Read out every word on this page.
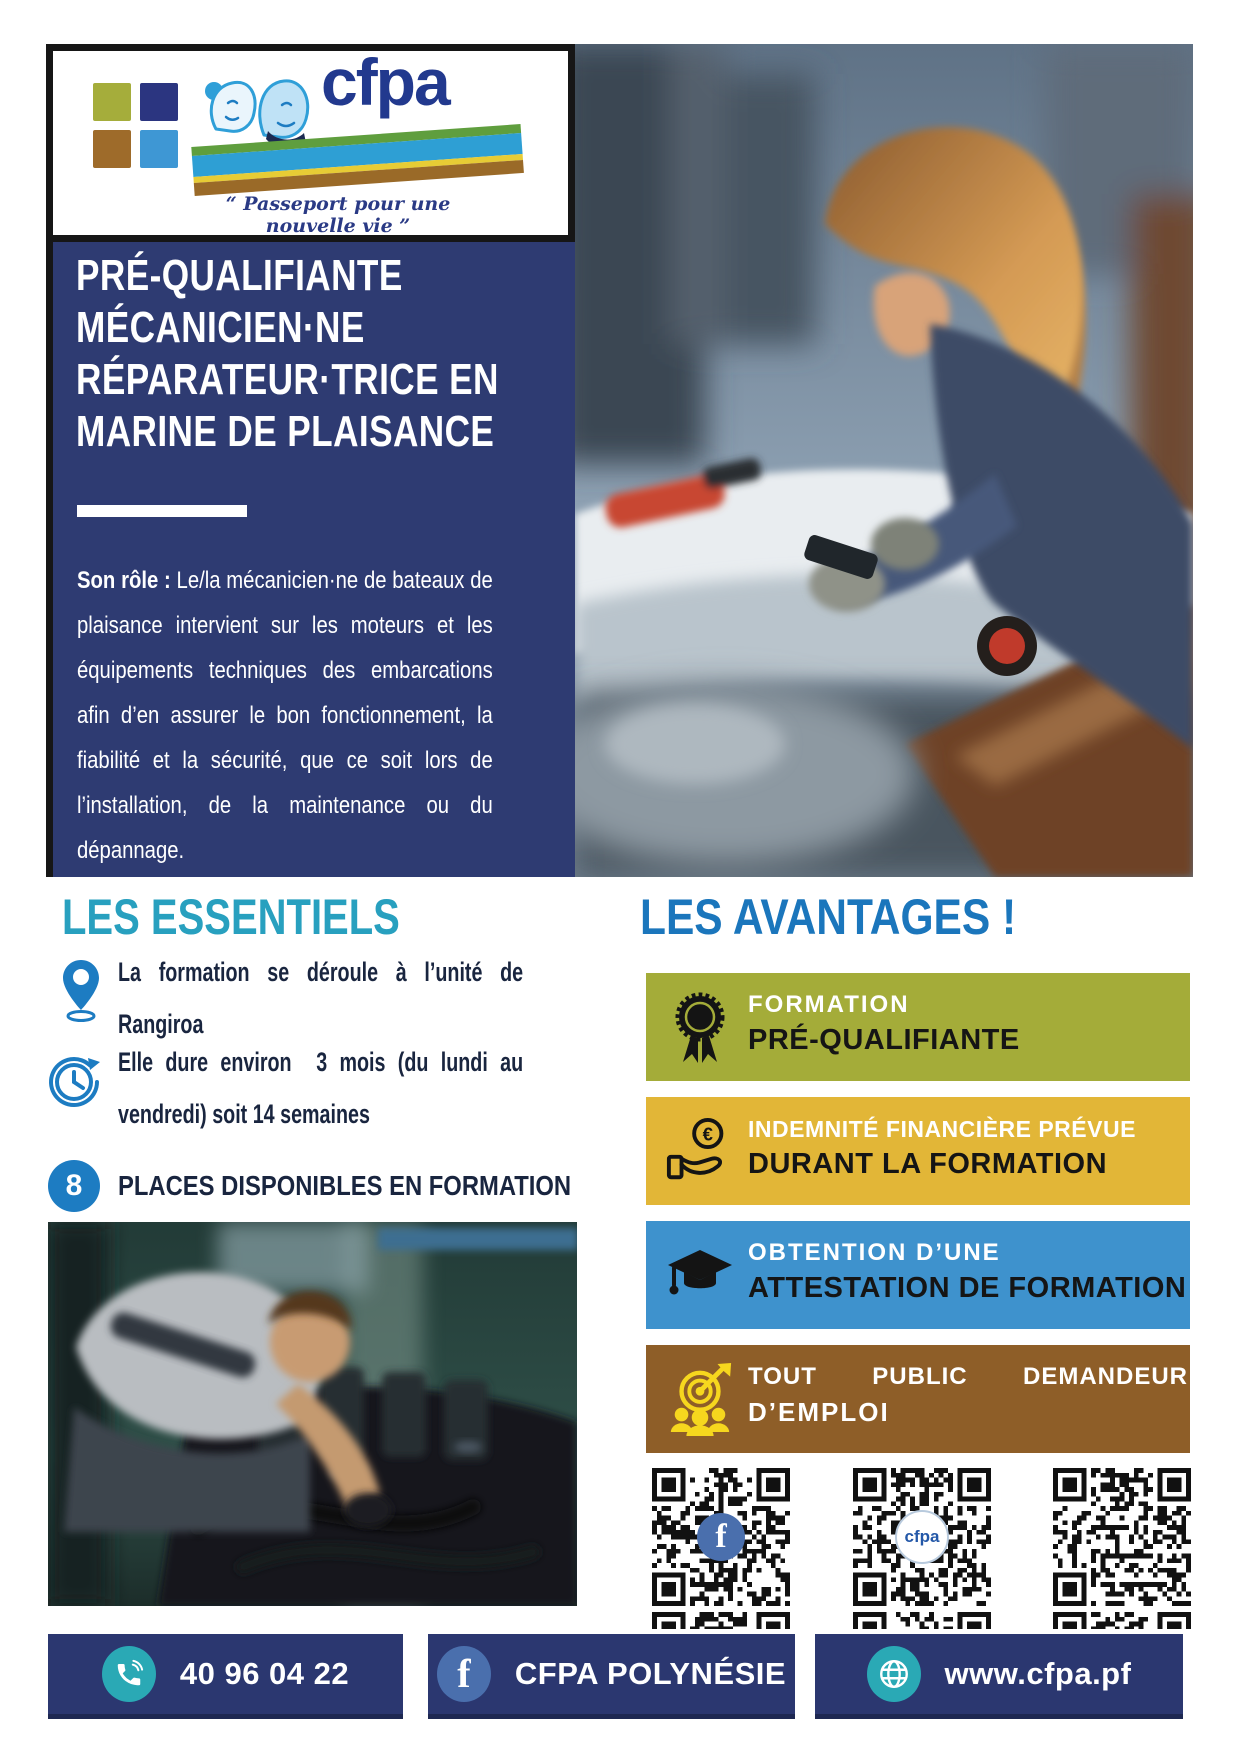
cfpa
“ Passeport pour une nouvelle vie ”
PRÉ-QUALIFIANTE
MÉCANICIEN·NE
RÉPARATEUR·TRICE EN
MARINE DE PLAISANCE

Son rôle : Le/la mécanicien·ne de bateaux de plaisance intervient sur les moteurs et les équipements techniques des embarcations afin d’en assurer le bon fonctionnement, la fiabilité et la sécurité, que ce soit lors de l’installation, de la maintenance ou du dépannage.

LES ESSENTIELS	LES AVANTAGES !
La formation se déroule à l’unité de Rangiroa
Elle dure environ  3 mois (du lundi au vendredi) soit 14 semaines
8	PLACES DISPONIBLES EN FORMATION
FORMATION
PRÉ-QUALIFIANTE
€ INDEMNITÉ FINANCIÈRE PRÉVUE
DURANT LA FORMATION
OBTENTION D’UNE
ATTESTATION DE FORMATION
TOUT PUBLIC DEMANDEUR
D’EMPLOI
f	cfpa
40 96 04 22	f	CFPA POLYNÉSIE	www.cfpa.pf
